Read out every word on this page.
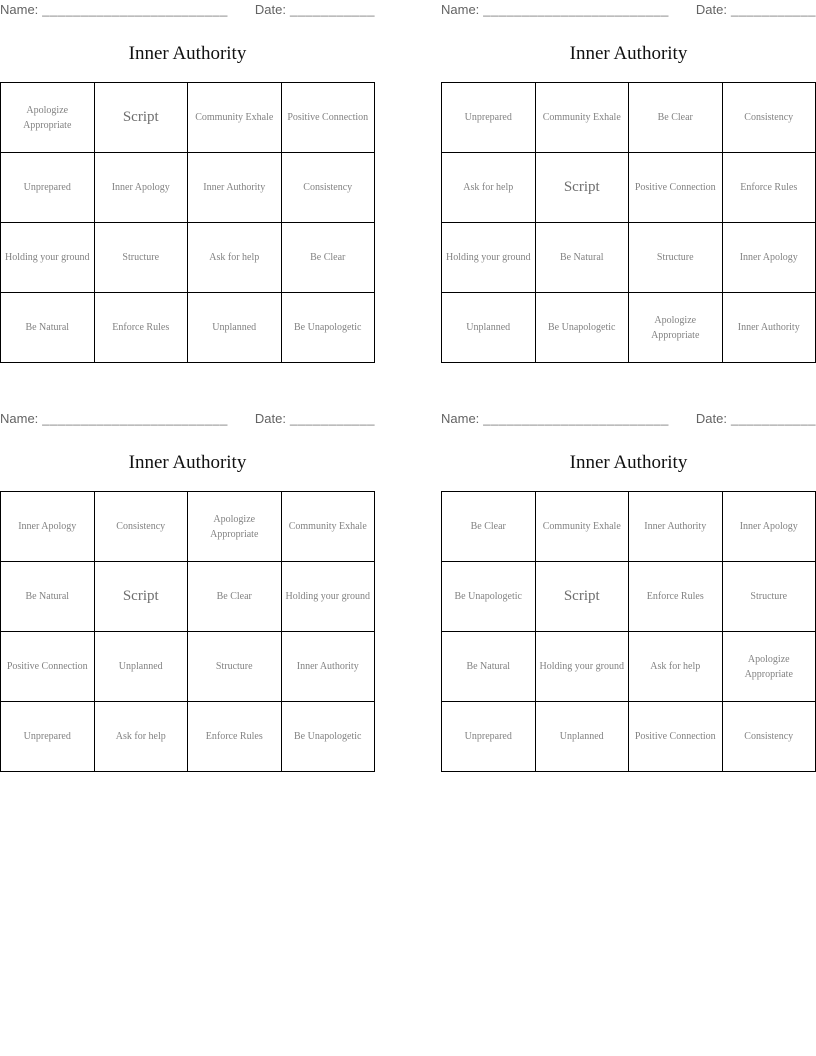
Name: ________________________ Date: ___________
Inner Authority
Apologize Appropriate	Script	Community Exhale	Positive Connection
Unprepared	Inner Apology	Inner Authority	Consistency
Holding your ground	Structure	Ask for help	Be Clear
Be Natural	Enforce Rules	Unplanned	Be Unapologetic
Name: ________________________ Date: ___________
Inner Authority
Unprepared	Community Exhale	Be Clear	Consistency
Ask for help	Script	Positive Connection	Enforce Rules
Holding your ground	Be Natural	Structure	Inner Apology
Unplanned	Be Unapologetic	Apologize Appropriate	Inner Authority
Name: ________________________ Date: ___________
Inner Authority
Inner Apology	Consistency	Apologize Appropriate	Community Exhale
Be Natural	Script	Be Clear	Holding your ground
Positive Connection	Unplanned	Structure	Inner Authority
Unprepared	Ask for help	Enforce Rules	Be Unapologetic
Name: ________________________ Date: ___________
Inner Authority
Be Clear	Community Exhale	Inner Authority	Inner Apology
Be Unapologetic	Script	Enforce Rules	Structure
Be Natural	Holding your ground	Ask for help	Apologize Appropriate
Unprepared	Unplanned	Positive Connection	Consistency
